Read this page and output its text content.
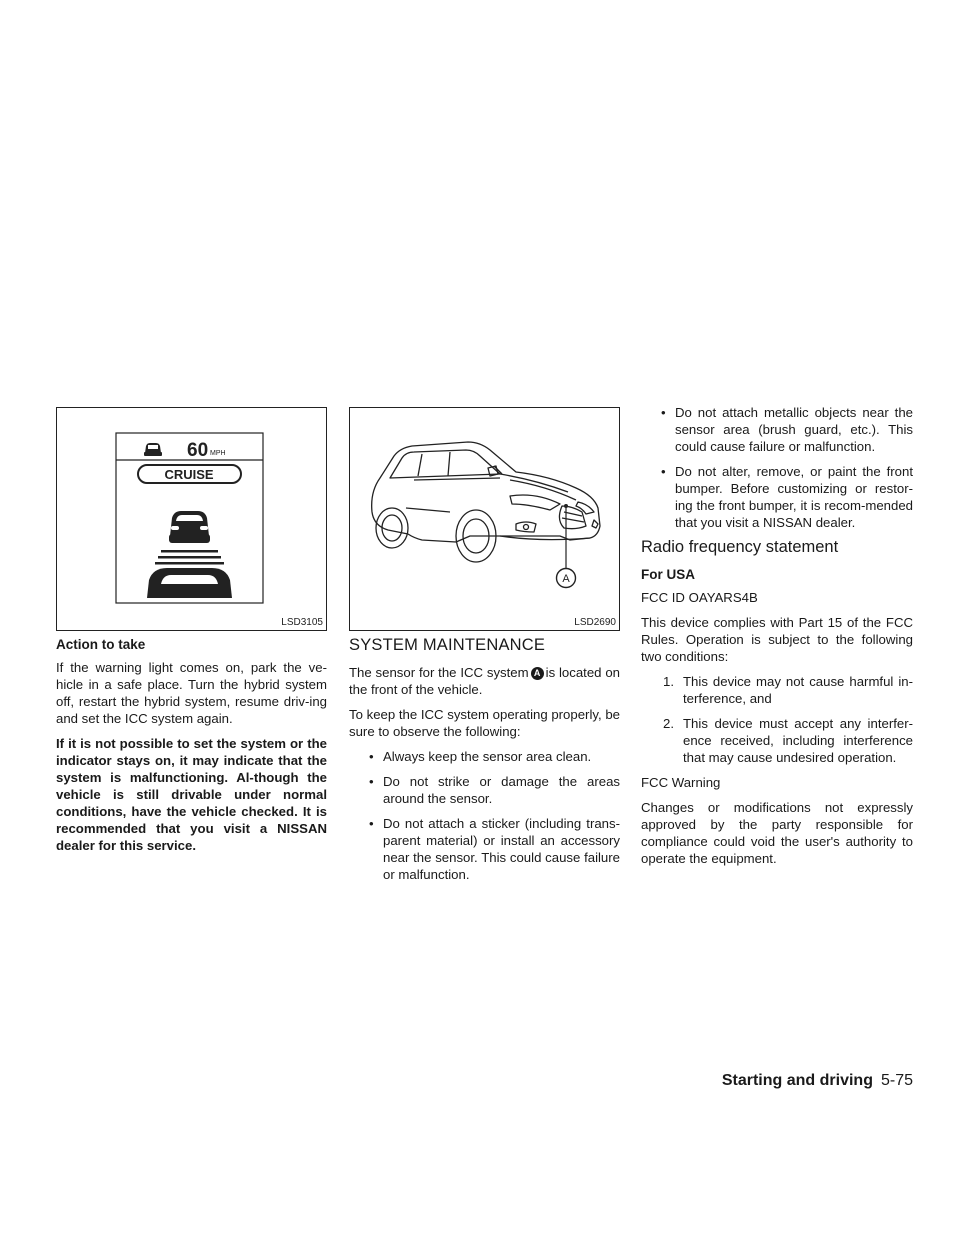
60 MPH
CRUISE
LSD3105
A
LSD2690
Action to take

If the warning light comes on, park the ve-hicle in a safe place. Turn the hybrid system off, restart the hybrid system, resume driv-ing and set the ICC system again.

If it is not possible to set the system or the indicator stays on, it may indicate that the system is malfunctioning. Al-though the vehicle is still drivable under normal conditions, have the vehicle checked. It is recommended that you visit a NISSAN dealer for this service.

SYSTEM MAINTENANCE

The sensor for the ICC system A is located on the front of the vehicle.

To keep the ICC system operating properly, be sure to observe the following:

• Always keep the sensor area clean.
• Do not strike or damage the areas around the sensor.
• Do not attach a sticker (including trans-parent material) or install an accessory near the sensor. This could cause failure or malfunction.
• Do not attach metallic objects near the sensor area (brush guard, etc.). This could cause failure or malfunction.
• Do not alter, remove, or paint the front bumper. Before customizing or restor-ing the front bumper, it is recom-mended that you visit a NISSAN dealer.
Radio frequency statement
For USA

FCC ID OAYARS4B

This device complies with Part 15 of the FCC Rules. Operation is subject to the following two conditions:

1. This device may not cause harmful in-terference, and
2. This device must accept any interfer-ence received, including interference that may cause undesired operation.

FCC Warning

Changes or modifications not expressly approved by the party responsible for compliance could void the user's authority to operate the equipment.

Starting and driving 5-75
